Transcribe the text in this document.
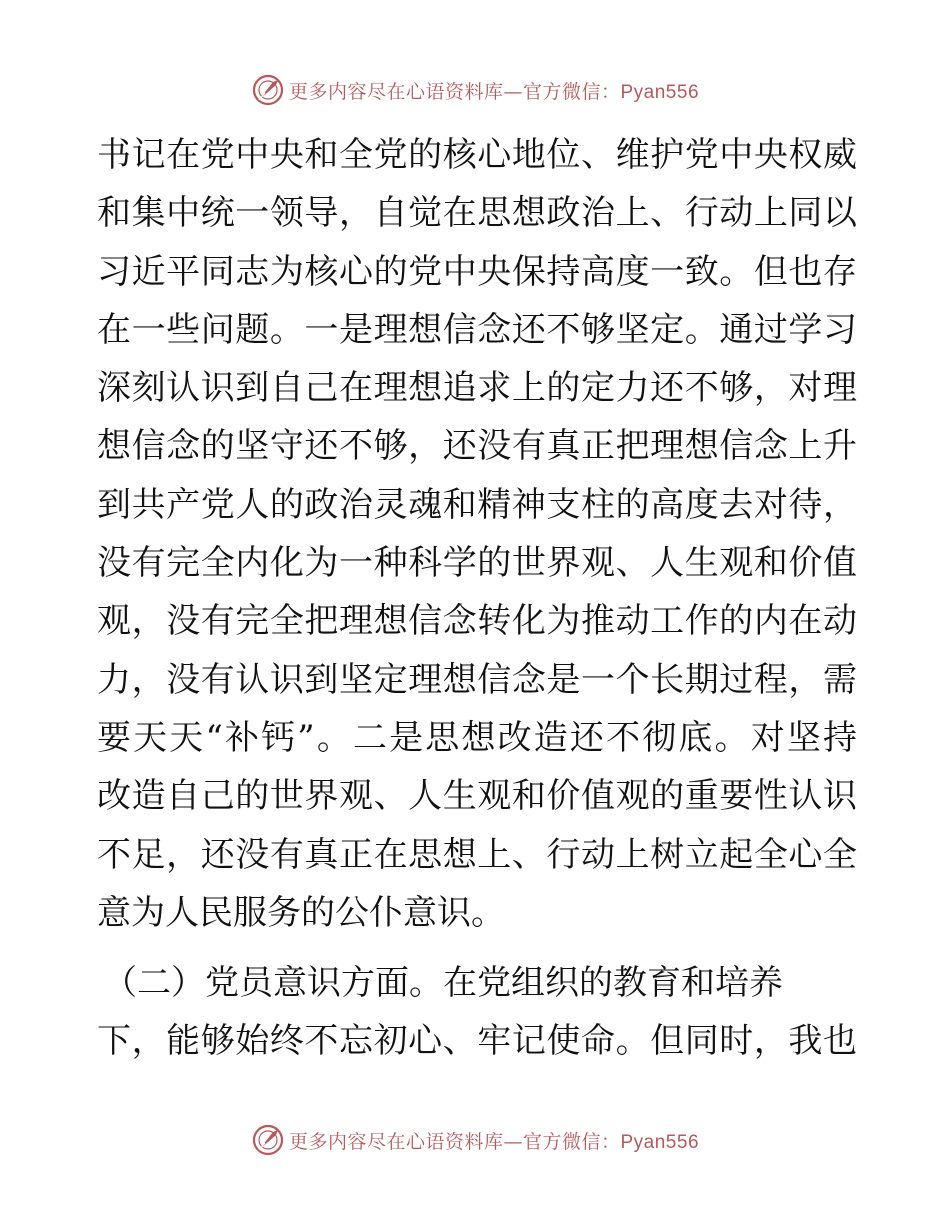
更多内容尽在心语资料库—官方微信：Pyan556
书记在党中央和全党的核心地位、维护党中央权威
和集中统一领导，自觉在思想政治上、行动上同以
习近平同志为核心的党中央保持高度一致。但也存
在一些问题。一是理想信念还不够坚定。通过学习
深刻认识到自己在理想追求上的定力还不够，对理
想信念的坚守还不够，还没有真正把理想信念上升
到共产党人的政治灵魂和精神支柱的高度去对待，
没有完全内化为一种科学的世界观、人生观和价值
观，没有完全把理想信念转化为推动工作的内在动
力，没有认识到坚定理想信念是一个长期过程，需
要天天“补钙”。二是思想改造还不彻底。对坚持
改造自己的世界观、人生观和价值观的重要性认识
不足，还没有真正在思想上、行动上树立起全心全
意为人民服务的公仆意识。
（二）党员意识方面。在党组织的教育和培养
下，能够始终不忘初心、牢记使命。但同时，我也
更多内容尽在心语资料库—官方微信：Pyan556
